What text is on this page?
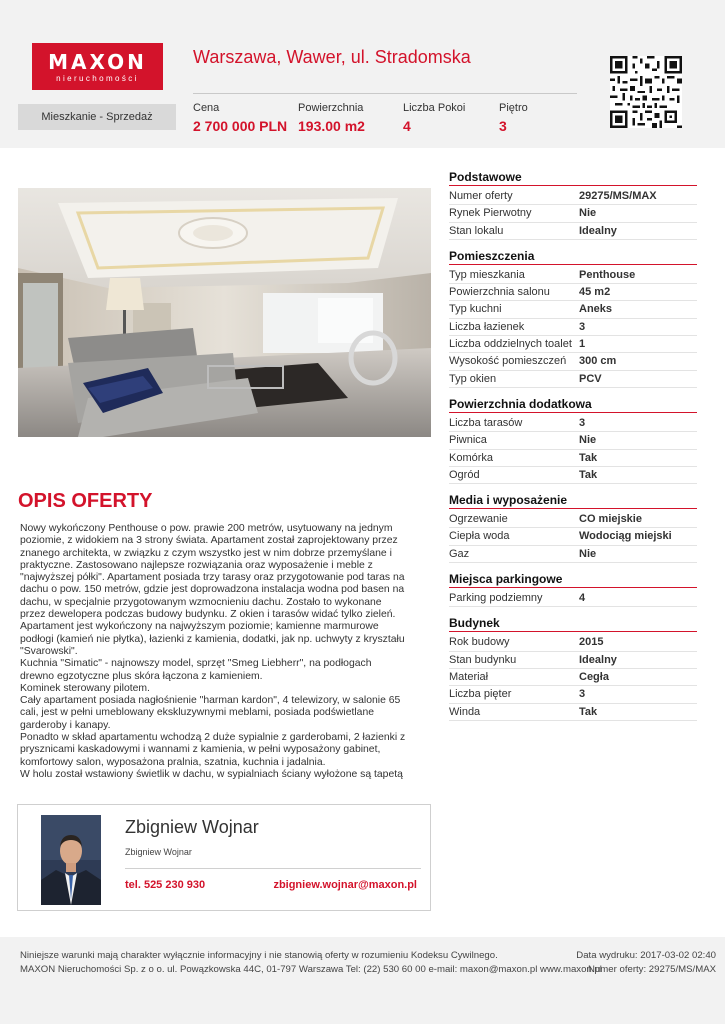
MAXON
nieruchomości
Warszawa, Wawer, ul. Stradomska
Mieszkanie - Sprzedaż
Cena
2 700 000 PLN
Powierzchnia
193.00 m2
Liczba Pokoi
4
Piętro
3
OPIS OFERTY

Nowy wykończony Penthouse o pow. prawie 200 metrów, usytuowany na jednym

poziomie, z widokiem na 3 strony świata. Apartament został zaprojektowany przez

znanego architekta, w związku z czym wszystko jest w nim dobrze przemyślane i

praktyczne. Zastosowano najlepsze rozwiązania oraz wyposażenie i meble z

"najwyższej półki". Apartament posiada trzy tarasy oraz przygotowanie pod taras na

dachu o pow. 150 metrów, gdzie jest doprowadzona instalacja wodna pod basen na

dachu, w specjalnie przygotowanym wzmocnieniu dachu. Zostało to wykonane

przez dewelopera podczas budowy budynku. Z okien i tarasów widać tylko zieleń.

Apartament jest wykończony na najwyższym poziomie; kamienne marmurowe

podłogi (kamień nie płytka), łazienki z kamienia, dodatki, jak np. uchwyty z kryształu

"Svarowski".

Kuchnia "Simatic" - najnowszy model, sprzęt "Smeg Liebherr", na podłogach

drewno egzotyczne plus skóra łączona z kamieniem.

Kominek sterowany pilotem.

Cały apartament posiada nagłośnienie "harman kardon", 4 telewizory, w salonie 65

cali, jest w pełni umeblowany ekskluzywnymi meblami, posiada podświetlane

garderoby i kanapy.

Ponadto w skład apartamentu wchodzą 2 duże sypialnie z garderobami, 2 łazienki z

prysznicami kaskadowymi i wannami z kamienia, w pełni wyposażony gabinet,

komfortowy salon, wyposażona pralnia, szatnia, kuchnia i jadalnia.

W holu został wstawiony świetlik w dachu, w sypialniach ściany wyłożone są tapetą

Zbigniew Wojnar
Zbigniew Wojnar
tel. 525 230 930	zbigniew.wojnar@maxon.pl
Podstawowe
Numer oferty	29275/MS/MAX
Rynek Pierwotny	Nie
Stan lokalu	Idealny
Pomieszczenia
Typ mieszkania	Penthouse
Powierzchnia salonu	45 m2
Typ kuchni	Aneks
Liczba łazienek	3
Liczba oddzielnych toalet 1
Wysokość pomieszczeń	300 cm
Typ okien	PCV
Powierzchnia dodatkowa
Liczba tarasów	3
Piwnica	Nie
Komórka	Tak
Ogród	Tak
Media i wyposażenie
Ogrzewanie	CO miejskie
Ciepła woda	Wodociąg miejski
Gaz	Nie
Miejsca parkingowe
Parking podziemny	4
Budynek
Rok budowy	2015
Stan budynku	Idealny
Materiał	Cegła
Liczba pięter	3
Winda	Tak
Niniejsze warunki mają charakter wyłącznie informacyjny i nie stanowią oferty w rozumieniu Kodeksu Cywilnego.
MAXON Nieruchomości Sp. z o o. ul. Powązkowska 44C, 01-797 Warszawa Tel: (22) 530 60 00 e-mail: maxon@maxon.pl www.maxon.pl
Data wydruku: 2017-03-02 02:40
Numer oferty: 29275/MS/MAX
